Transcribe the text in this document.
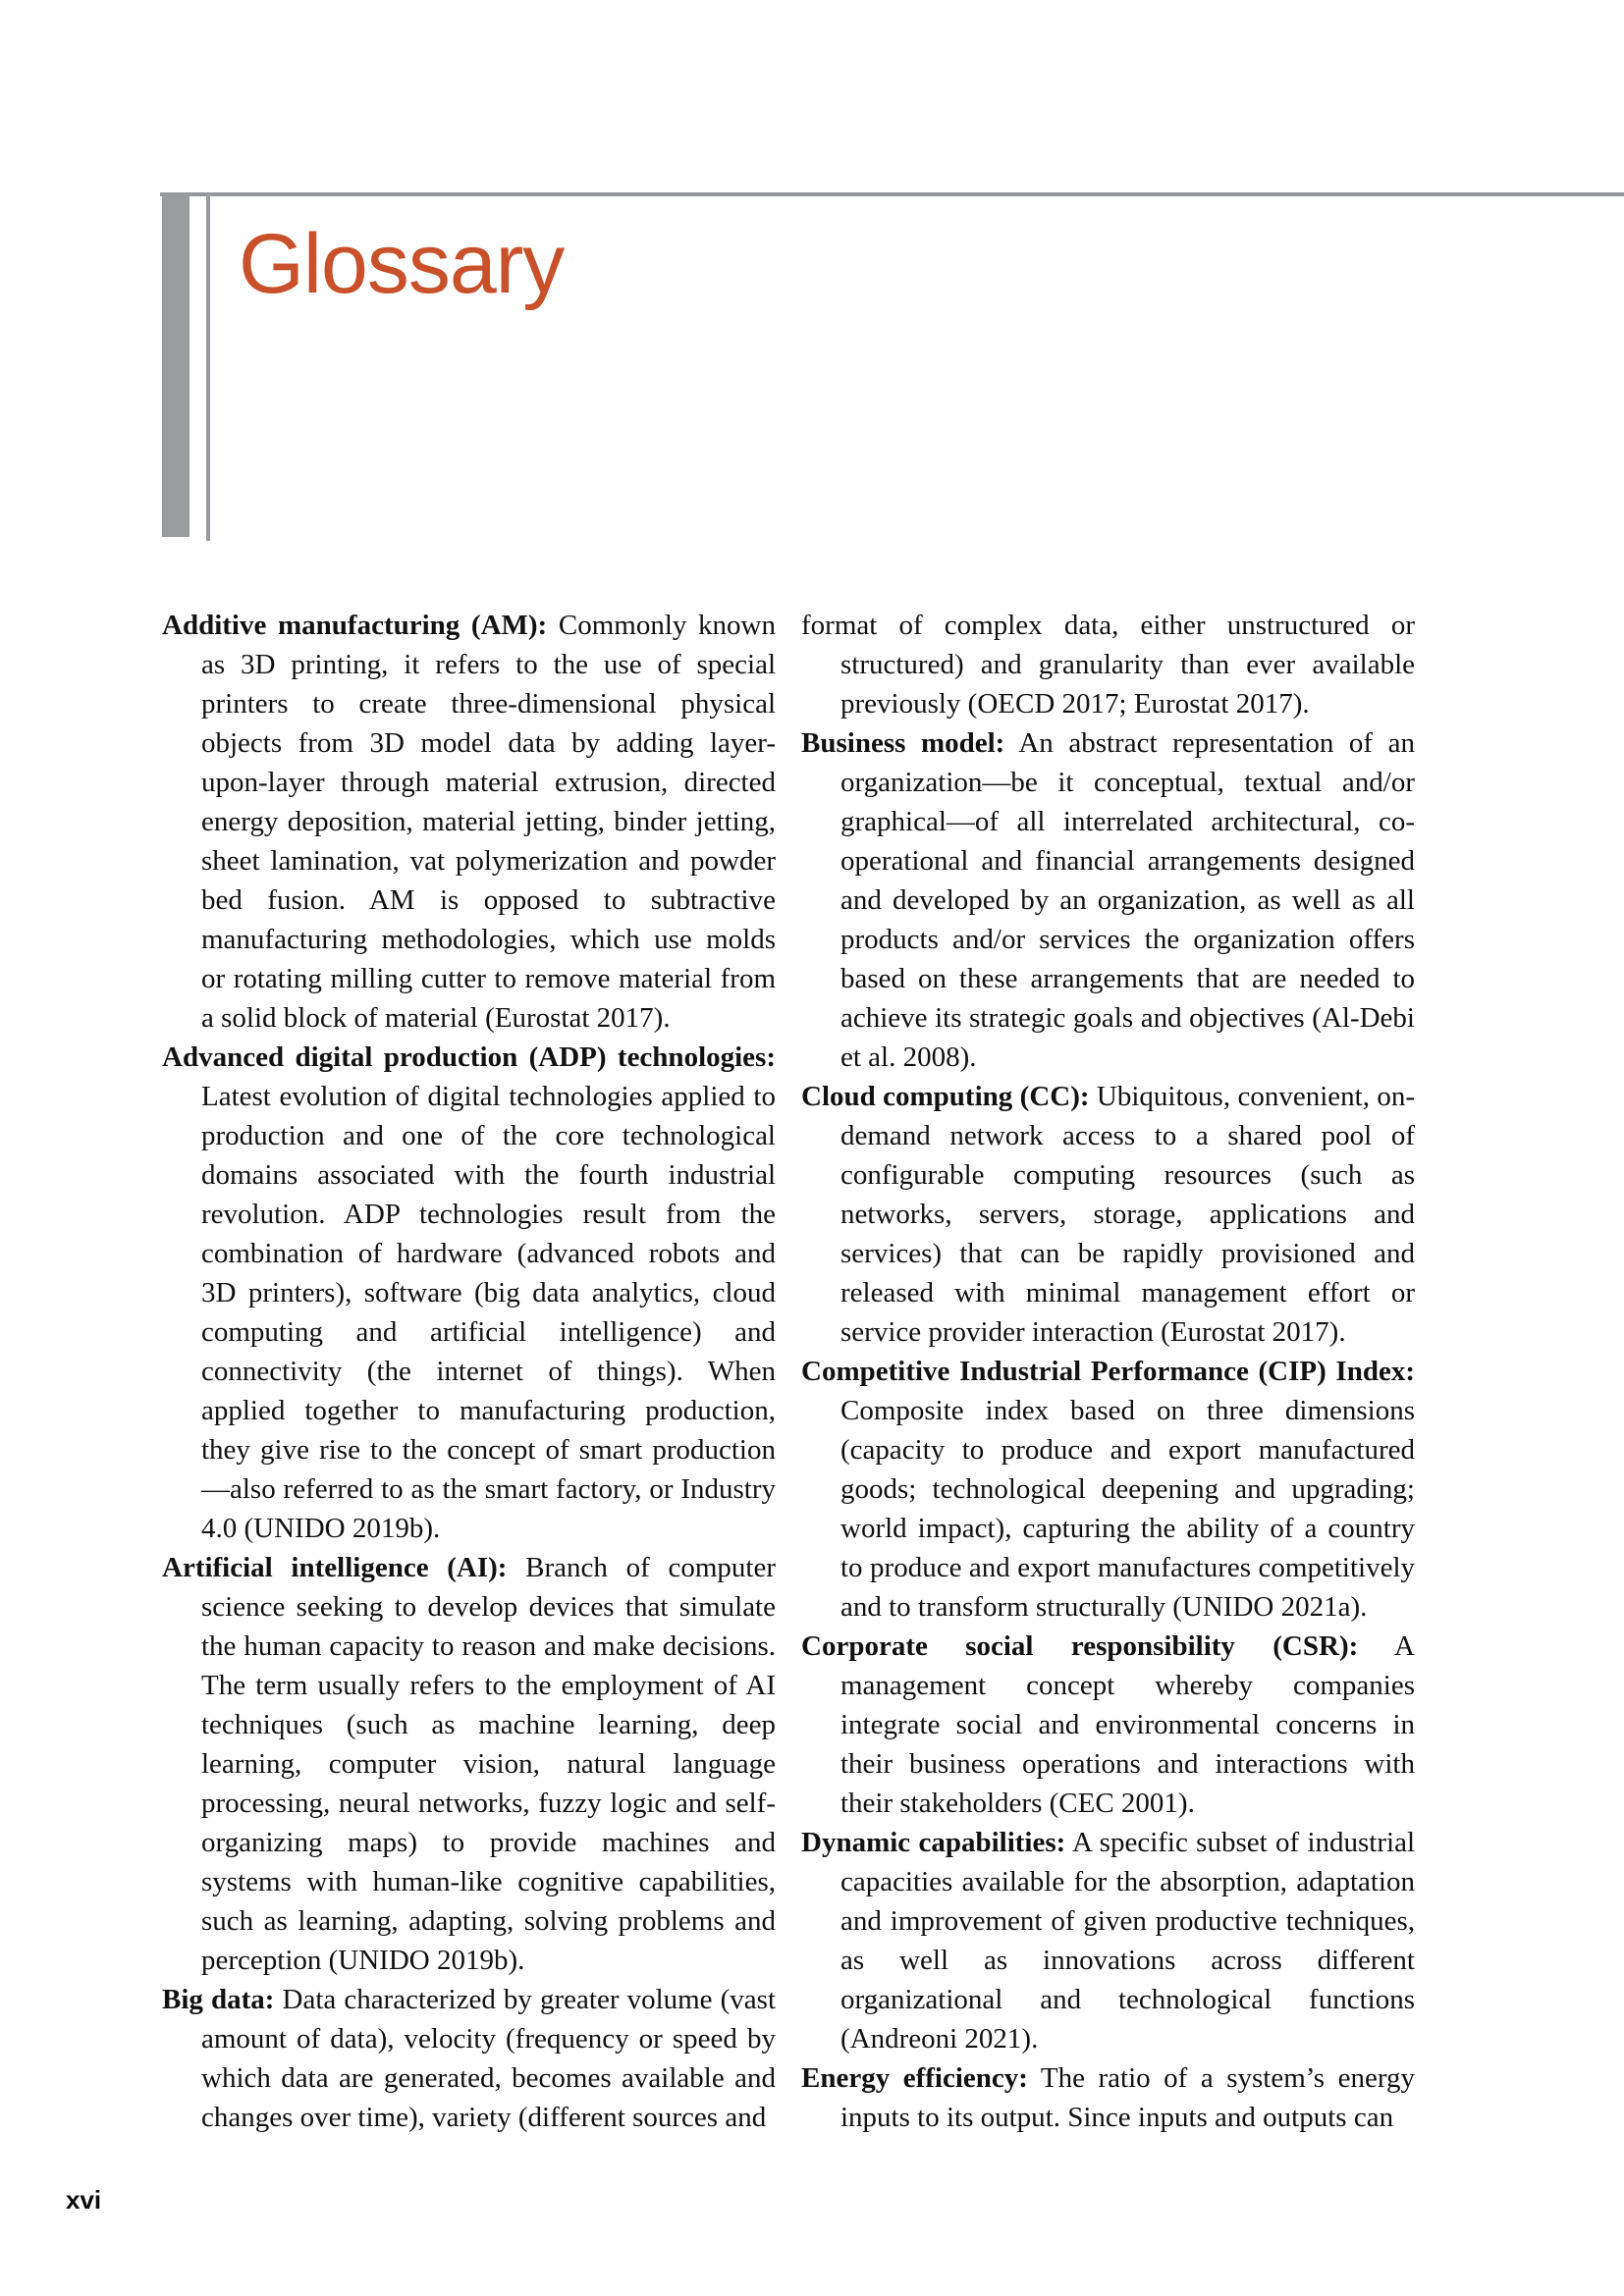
Glossary

Additive manufacturing (AM): Commonly known as 3D printing, it refers to the use of special printers to create three-dimensional physical objects from 3D model data by adding layer-upon-layer through material extrusion, directed energy deposition, material jetting, binder jetting, sheet lamination, vat polymerization and powder bed fusion. AM is opposed to subtractive manufacturing methodologies, which use molds or rotating milling cutter to remove material from a solid block of material (Eurostat 2017).

Advanced digital production (ADP) technologies: Latest evolution of digital technologies applied to production and one of the core technological domains associated with the fourth industrial revolution. ADP technologies result from the combination of hardware (advanced robots and 3D printers), software (big data analytics, cloud computing and artificial intelligence) and connectivity (the internet of things). When applied together to manufacturing production, they give rise to the concept of smart production—also referred to as the smart factory, or Industry 4.0 (UNIDO 2019b).

Artificial intelligence (AI): Branch of computer science seeking to develop devices that simulate the human capacity to reason and make decisions. The term usually refers to the employment of AI techniques (such as machine learning, deep learning, computer vision, natural language processing, neural networks, fuzzy logic and self-organizing maps) to provide machines and systems with human-like cognitive capabilities, such as learning, adapting, solving problems and perception (UNIDO 2019b).

Big data: Data characterized by greater volume (vast amount of data), velocity (frequency or speed by which data are generated, becomes available and changes over time), variety (different sources and

format of complex data, either unstructured or structured) and granularity than ever available previously (OECD 2017; Eurostat 2017).

Business model: An abstract representation of an organization—be it conceptual, textual and/or graphical—of all interrelated architectural, co-operational and financial arrangements designed and developed by an organization, as well as all products and/or services the organization offers based on these arrangements that are needed to achieve its strategic goals and objectives (Al-Debi et al. 2008).

Cloud computing (CC): Ubiquitous, convenient, on-demand network access to a shared pool of configurable computing resources (such as networks, servers, storage, applications and services) that can be rapidly provisioned and released with minimal management effort or service provider interaction (Eurostat 2017).

Competitive Industrial Performance (CIP) Index: Composite index based on three dimensions (capacity to produce and export manufactured goods; technological deepening and upgrading; world impact), capturing the ability of a country to produce and export manufactures competitively and to transform structurally (UNIDO 2021a).

Corporate social responsibility (CSR): A management concept whereby companies integrate social and environmental concerns in their business operations and interactions with their stakeholders (CEC 2001).

Dynamic capabilities: A specific subset of industrial capacities available for the absorption, adaptation and improvement of given productive techniques, as well as innovations across different organizational and technological functions (Andreoni 2021).

Energy efficiency: The ratio of a system’s energy inputs to its output. Since inputs and outputs can

xvi
